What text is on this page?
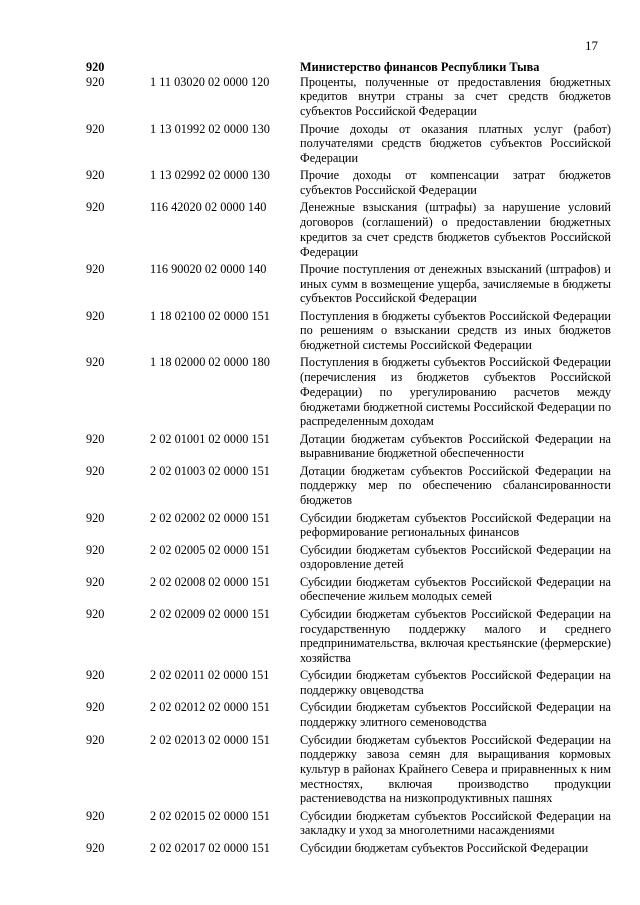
17
920		Министерство финансов Республики Тыва
920	1 11 03020 02 0000 120	Проценты, полученные от предоставления бюджетных кредитов внутри страны за счет средств бюджетов субъектов Российской Федерации
920	1 13 01992 02 0000 130	Прочие доходы от оказания платных услуг (работ) получателями средств бюджетов субъектов Российской Федерации
920	1 13 02992 02 0000 130	Прочие доходы от компенсации затрат бюджетов субъектов Российской Федерации
920	116 42020 02 0000 140	Денежные взыскания (штрафы) за нарушение условий договоров (соглашений) о предоставлении бюджетных кредитов за счет средств бюджетов субъектов Российской Федерации
920	116 90020 02 0000 140	Прочие поступления от денежных взысканий (штрафов) и иных сумм в возмещение ущерба, зачисляемые в бюджеты субъектов Российской Федерации
920	1 18 02100 02 0000 151	Поступления в бюджеты субъектов Российской Федерации по решениям о взыскании средств из иных бюджетов бюджетной системы Российской Федерации
920	1 18 02000 02 0000 180	Поступления в бюджеты субъектов Российской Федерации (перечисления из бюджетов субъектов Российской Федерации) по урегулированию расчетов между бюджетами бюджетной системы Российской Федерации по распределенным доходам
920	2 02 01001 02 0000 151	Дотации бюджетам субъектов Российской Федерации на выравнивание бюджетной обеспеченности
920	2 02 01003 02 0000 151	Дотации бюджетам субъектов Российской Федерации на поддержку мер по обеспечению сбалансированности бюджетов
920	2 02 02002 02 0000 151	Субсидии бюджетам субъектов Российской Федерации на реформирование региональных финансов
920	2 02 02005 02 0000 151	Субсидии бюджетам субъектов Российской Федерации на оздоровление детей
920	2 02 02008 02 0000 151	Субсидии бюджетам субъектов Российской Федерации на обеспечение жильем молодых семей
920	2 02 02009 02 0000 151	Субсидии бюджетам субъектов Российской Федерации на государственную поддержку малого и среднего предпринимательства, включая крестьянские (фермерские) хозяйства
920	2 02 02011 02 0000 151	Субсидии бюджетам субъектов Российской Федерации на поддержку овцеводства
920	2 02 02012 02 0000 151	Субсидии бюджетам субъектов Российской Федерации на поддержку элитного семеноводства
920	2 02 02013 02 0000 151	Субсидии бюджетам субъектов Российской Федерации на поддержку завоза семян для выращивания кормовых культур в районах Крайнего Севера и приравненных к ним местностях, включая производство продукции растениеводства на низкопродуктивных пашнях
920	2 02 02015 02 0000 151	Субсидии бюджетам субъектов Российской Федерации на закладку и уход за многолетними насаждениями
920	2 02 02017 02 0000 151	Субсидии бюджетам субъектов Российской Федерации
